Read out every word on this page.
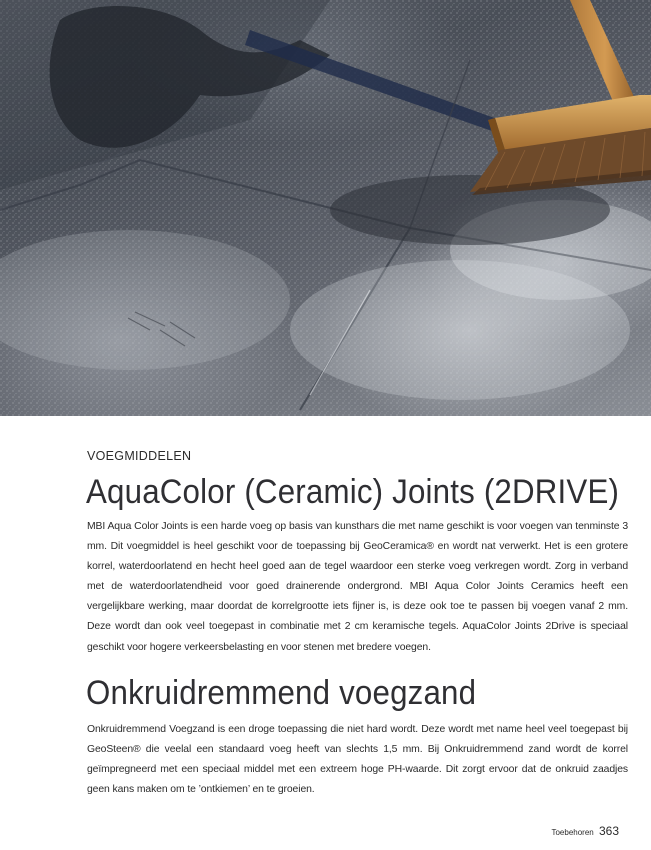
VOEGMIDDELEN
AquaColor (Ceramic) Joints (2DRIVE)

MBI Aqua Color Joints is een harde voeg op basis van kunsthars die met name geschikt is voor voegen van tenminste 3 mm. Dit voegmiddel is heel geschikt voor de toepassing bij GeoCeramica® en wordt nat verwerkt. Het is een grotere korrel, waterdoorlatend en hecht heel goed aan de tegel waardoor een sterke voeg verkregen wordt. Zorg in verband met de waterdoorlatendheid voor goed drainerende ondergrond. MBI Aqua Color Joints Ceramics heeft een vergelijkbare werking, maar doordat de korrelgrootte iets fijner is, is deze ook toe te passen bij voegen vanaf 2 mm. Deze wordt dan ook veel toegepast in combinatie met 2 cm keramische tegels. AquaColor Joints 2Drive is speciaal geschikt voor hogere verkeersbelasting en voor stenen met bredere voegen.

Onkruidremmend voegzand

Onkruidremmend Voegzand is een droge toepassing die niet hard wordt. Deze wordt met name heel veel toegepast bij GeoSteen® die veelal een standaard voeg heeft van slechts 1,5 mm. Bij Onkruidremmend zand wordt de korrel geïmpregneerd met een speciaal middel met een extreem hoge PH-waarde. Dit zorgt ervoor dat de onkruid zaadjes geen kans maken om te ’ontkiemen’ en te groeien.

Toebehoren 363
